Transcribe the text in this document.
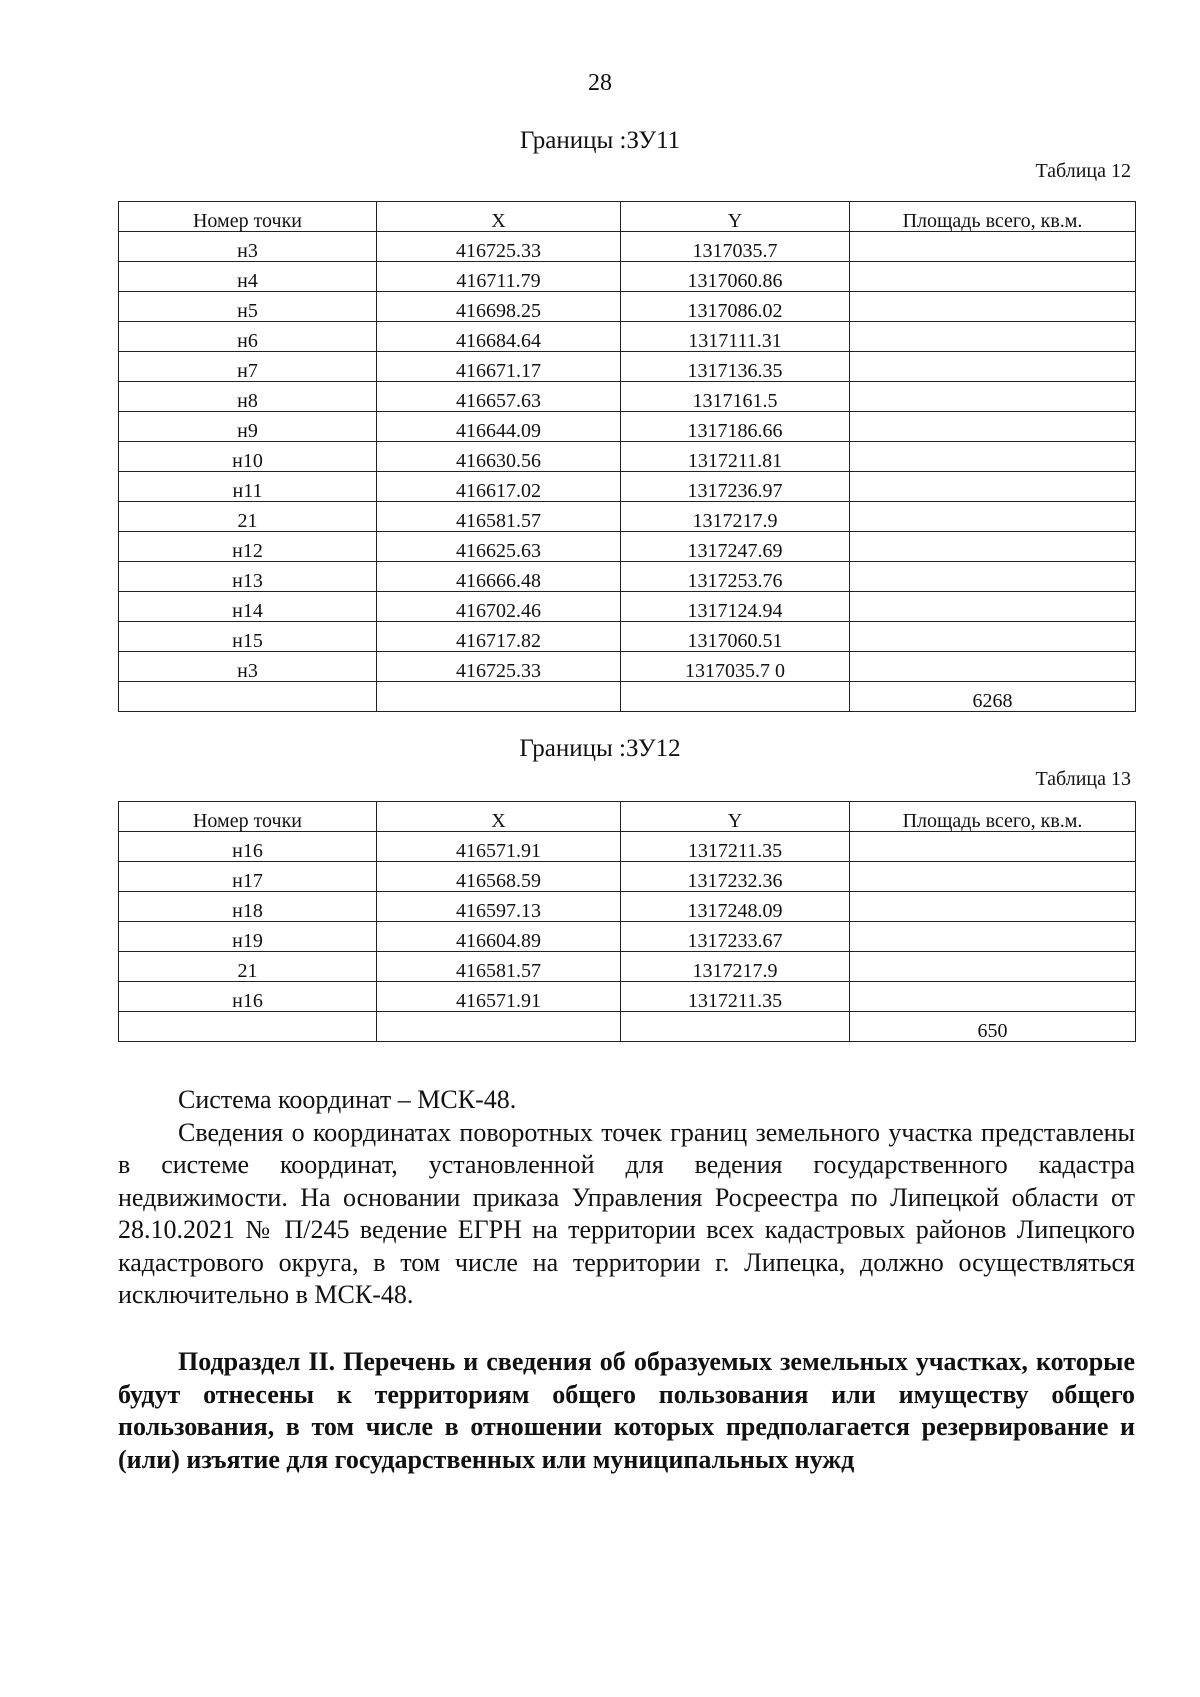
28
Границы :ЗУ11
Таблица 12
Номер точки	X	Y	Площадь всего, кв.м.
н3	416725.33	1317035.7	
н4	416711.79	1317060.86	
н5	416698.25	1317086.02	
н6	416684.64	1317111.31	
н7	416671.17	1317136.35	
н8	416657.63	1317161.5	
н9	416644.09	1317186.66	
н10	416630.56	1317211.81	
н11	416617.02	1317236.97	
21	416581.57	1317217.9	
н12	416625.63	1317247.69	
н13	416666.48	1317253.76	
н14	416702.46	1317124.94	
н15	416717.82	1317060.51	
н3	416725.33	1317035.7 0	
			6268
Границы :ЗУ12
Таблица 13
Номер точки	X	Y	Площадь всего, кв.м.
н16	416571.91	1317211.35	
н17	416568.59	1317232.36	
н18	416597.13	1317248.09	
н19	416604.89	1317233.67	
21	416581.57	1317217.9	
н16	416571.91	1317211.35	
			650

Система координат – МСК-48.

Сведения о координатах поворотных точек границ земельного участка представлены в системе координат, установленной для ведения государственного кадастра недвижимости. На основании приказа Управления Росреестра по Липецкой области от 28.10.2021 № П/245 ведение ЕГРН на территории всех кадастровых районов Липецкого кадастрового округа, в том числе на территории г. Липецка, должно осуществляться исключительно в МСК-48.

Подраздел II. Перечень и сведения об образуемых земельных участках, которые будут отнесены к территориям общего пользования или имуществу общего пользования, в том числе в отношении которых предполагается резервирование и (или) изъятие для государственных или муниципальных нужд
